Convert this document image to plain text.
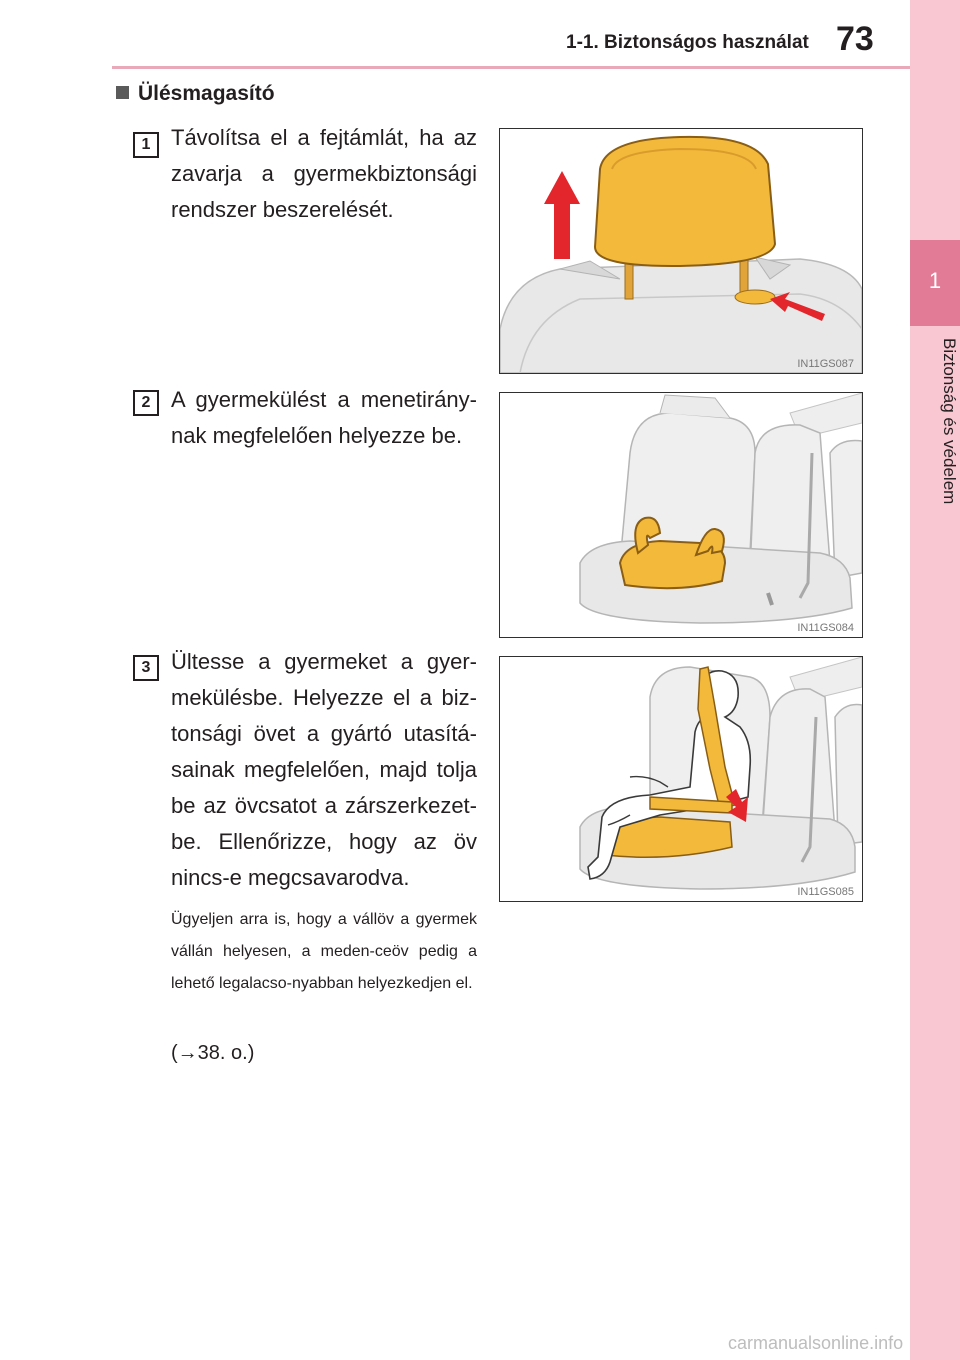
1-1. Biztonságos használat 73
1
Biztonság és védelem
Ülésmagasító
1 Távolítsa el a fejtámlát, ha az zavarja a gyermekbiztonsági rendszer beszerelését.
IN11GS087
2 A gyermekülést a menetirány-nak megfelelően helyezze be.
IN11GS084
3 Ültesse a gyermeket a gyer-mekülésbe. Helyezze el a biz-tonsági övet a gyártó utasítá-sainak megfelelően, majd tolja be az övcsatot a zárszerkezet-be. Ellenőrizze, hogy az öv nincs-e megcsavarodva.
Ügyeljen arra is, hogy a vállöv a gyermek vállán helyesen, a meden-ceöv pedig a lehető legalacso-nyabban helyezkedjen el.
(→38. o.)
IN11GS085
carmanualsonline.info
